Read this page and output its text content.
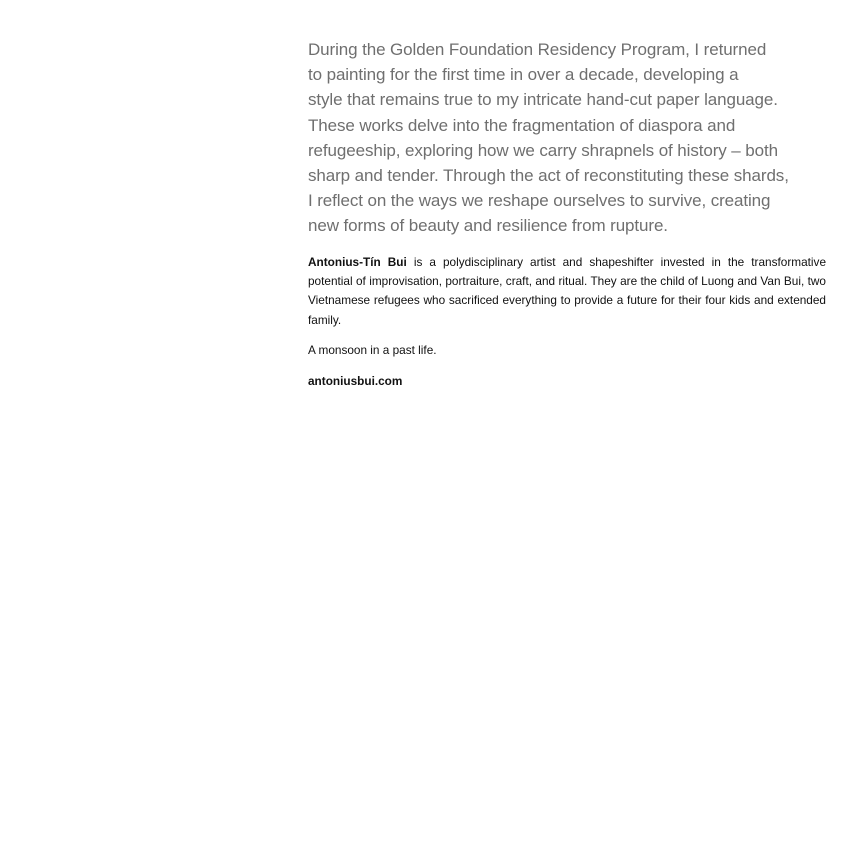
During the Golden Foundation Residency Program, I returned
to painting for the first time in over a decade, developing a
style that remains true to my intricate hand-cut paper language.
These works delve into the fragmentation of diaspora and
refugeeship, exploring how we carry shrapnels of history – both
sharp and tender. Through the act of reconstituting these shards,
I reflect on the ways we reshape ourselves to survive, creating
new forms of beauty and resilience from rupture.

Antonius-Tín Bui is a polydisciplinary artist and shapeshifter invested in the transformative potential of improvisation, portraiture, craft, and ritual. They are the child of Luong and Van Bui, two Vietnamese refugees who sacrificed everything to provide a future for their four kids and extended family.

A monsoon in a past life.

antoniusbui.com
